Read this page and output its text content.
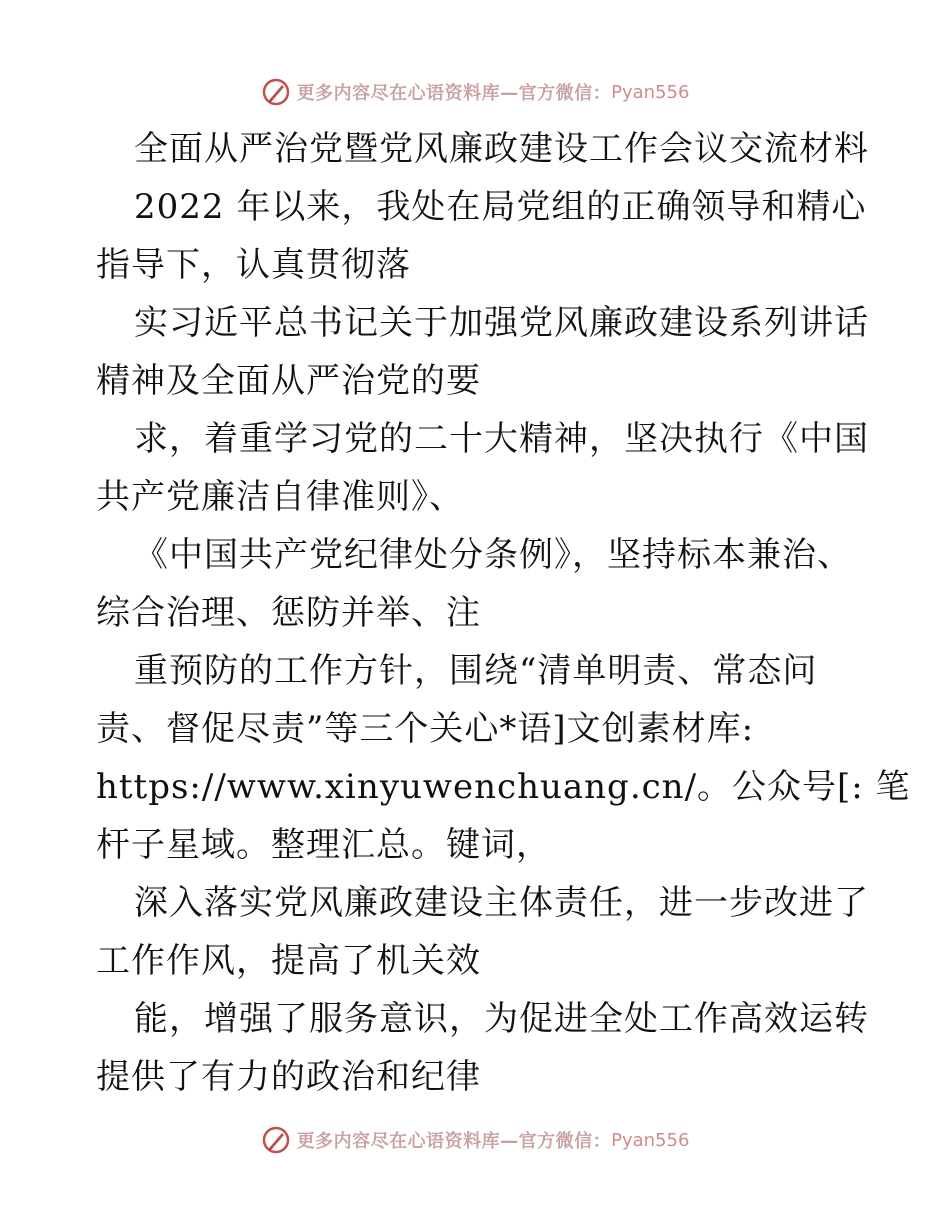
更多内容尽在心语资料库—官方微信： Pyan556
全面从严治党暨党风廉政建设工作会议交流材料
2022 年以来，我处在局党组的正确领导和精心
指导下，认真贯彻落
实习近平总书记关于加强党风廉政建设系列讲话
精神及全面从严治党的要
求，着重学习党的二十大精神，坚决执行《中国
共产党廉洁自律准则》、
《中国共产党纪律处分条例》，坚持标本兼治、
综合治理、惩防并举、注
重预防的工作方针，围绕“清单明责、常态问
责、督促尽责”等三个关心*语]文创素材库:
https://www.xinyuwenchuang.cn/。公众号[: 笔
杆子星域。整理汇总。键词，
深入落实党风廉政建设主体责任，进一步改进了
工作作风，提高了机关效
能，增强了服务意识，为促进全处工作高效运转
提供了有力的政治和纪律
更多内容尽在心语资料库—官方微信： Pyan556
